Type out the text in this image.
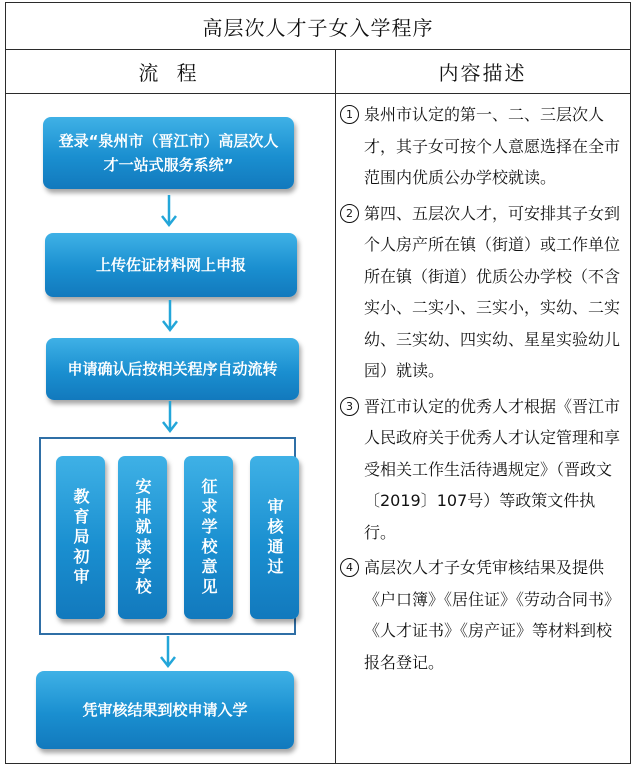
高层次人才子女入学程序
流 程	内容描述
登录“泉州市（晋江市）高层次人才一站式服务系统”
上传佐证材料网上申报
申请确认后按相关程序自动流转
教育局初审	安排就读学校	征求学校意见	审核通过
凭审核结果到校申请入学
1 泉州市认定的第一、二、三层次人才，其子女可按个人意愿选择在全市范围内优质公办学校就读。
2 第四、五层次人才，可安排其子女到个人房产所在镇（街道）或工作单位所在镇（街道）优质公办学校（不含实小、二实小、三实小，实幼、二实幼、三实幼、四实幼、星星实验幼儿园）就读。
3 晋江市认定的优秀人才根据《晋江市人民政府关于优秀人才认定管理和享受相关工作生活待遇规定》（晋政文〔2019〕107号）等政策文件执行。
4 高层次人才子女凭审核结果及提供《户口簿》《居住证》《劳动合同书》《人才证书》《房产证》等材料到校报名登记。
